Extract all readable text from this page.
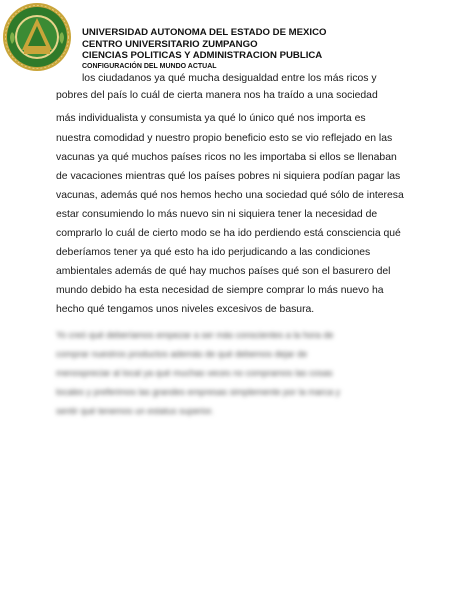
UNIVERSIDAD AUTONOMA DEL ESTADO DE MEXICO
CENTRO UNIVERSITARIO ZUMPANGO
CIENCIAS POLITICAS Y ADMINISTRACION PUBLICA
CONFIGURACIÓN DEL MUNDO ACTUAL
los ciudadanos ya qué mucha desigualdad entre los más ricos y
pobres del país lo cuál de cierta manera nos ha traído a una sociedad
más individualista y consumista ya qué lo único qué nos importa es
nuestra comodidad y nuestro propio beneficio esto se vio reflejado en las
vacunas ya qué muchos países ricos no les importaba si ellos se llenaban
de vacaciones mientras qué los países pobres ni siquiera podían pagar las
vacunas, además qué nos hemos hecho una sociedad qué sólo de interesa
estar consumiendo lo más nuevo sin ni siquiera tener la necesidad de
comprarlo lo cuál de cierto modo se ha ido perdiendo está consciencia qué
deberíamos tener ya qué esto ha ido perjudicando a las condiciones
ambientales además de qué hay muchos países qué son el basurero del
mundo debido ha esta necesidad de siempre comprar lo más nuevo ha
hecho qué tengamos unos niveles excesivos de basura.
Yo creó qué deberíamos empezar a ser más conscientes a la hora de
comprar nuestros productos además de qué debemos dejar de
menospreciar al local ya qué muchas veces no compramos las cosas
locales y preferimos las grandes empresas simplemente por la marca y
sentir qué tenemos un estatus superior.
